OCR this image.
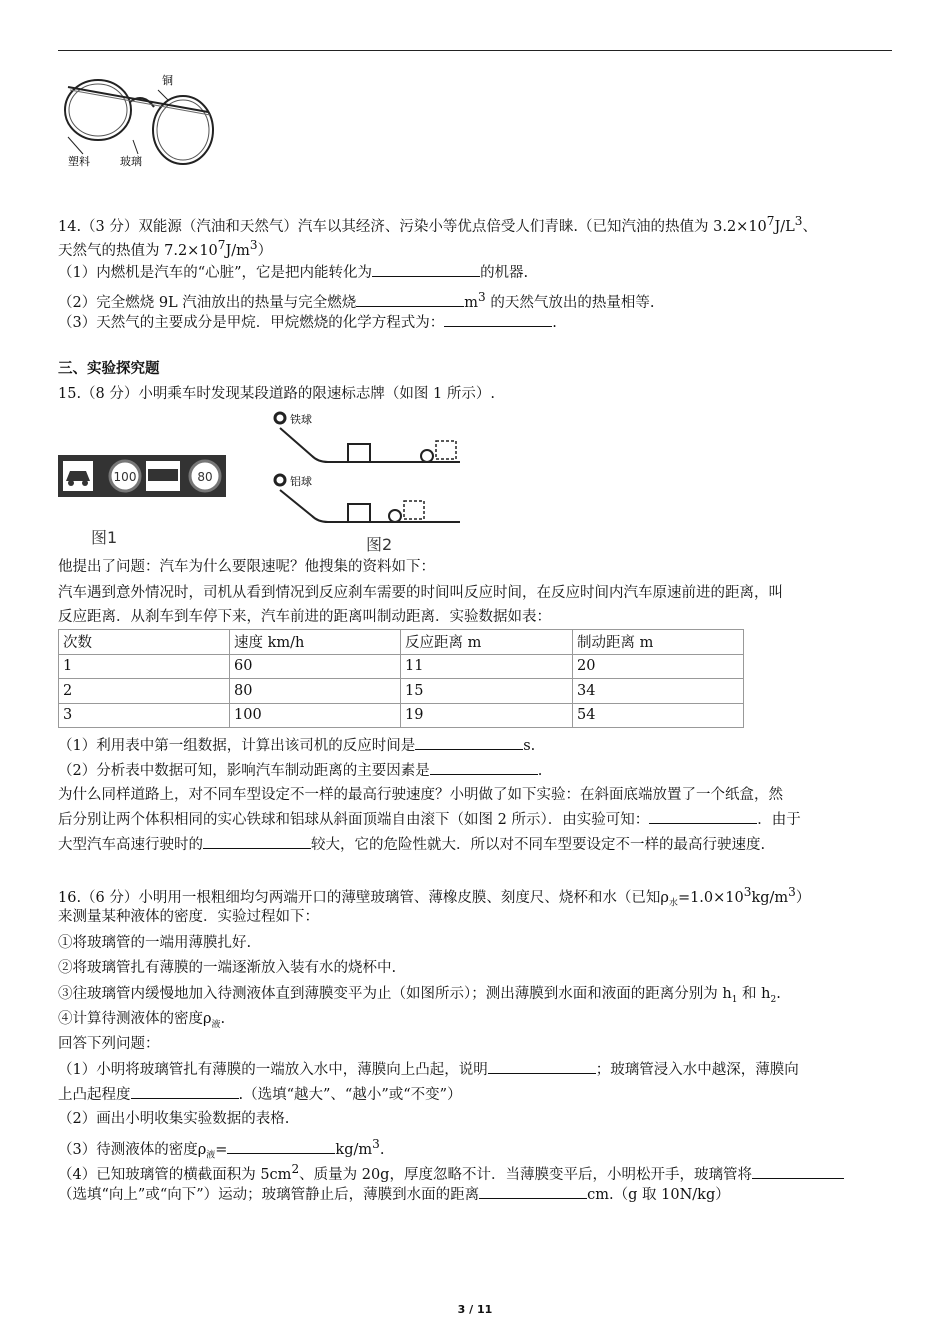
铜
塑料	玻璃
14.（3 分）双能源（汽油和天然气）汽车以其经济、污染小等优点倍受人们青睐.（已知汽油的热值为 $3.2\times 10^7J/L^3$、
天然气的热值为 $7.2\times 10^7J/m^3$）
（1）内燃机是汽车的“心脏”，它是把内能转化为	的机器.
（2）完全燃烧 9L 汽油放出的热量与完全燃烧	$m^3$ 的天然气放出的热量相等.
（3）天然气的主要成分是甲烷．甲烷燃烧的化学方程式为：	.
三、实验探究题
15.（8 分）小明乘车时发现某段道路的限速标志牌（如图 1 所示）.
100	80
图1
铁球
铝球
图2
他提出了问题：汽车为什么要限速呢？他搜集的资料如下：
汽车遇到意外情况时，司机从看到情况到反应刹车需要的时间叫反应时间，在反应时间内汽车原速前进的距离，叫
反应距离．从刹车到车停下来，汽车前进的距离叫制动距离．实验数据如表：
次数	速度 km/h	反应距离 m	制动距离 m
1	60	11	20
2	80	15	34
3	100	19	54
（1）利用表中第一组数据，计算出该司机的反应时间是	s.
（2）分析表中数据可知，影响汽车制动距离的主要因素是	.
为什么同样道路上，对不同车型设定不一样的最高行驶速度？小明做了如下实验：在斜面底端放置了一个纸盒，然
后分别让两个体积相同的实心铁球和铝球从斜面顶端自由滚下（如图 2 所示）．由实验可知：	．由于
大型汽车高速行驶时的	较大，它的危险性就大．所以对不同车型要设定不一样的最高行驶速度.
16.（6 分）小明用一根粗细均匀两端开口的薄壁玻璃管、薄橡皮膜、刻度尺、烧杯和水（已知$\rho_水=1.0\times 10^3kg/m^3$）
来测量某种液体的密度．实验过程如下：
①将玻璃管的一端用薄膜扎好.
②将玻璃管扎有薄膜的一端逐渐放入装有水的烧杯中.
③往玻璃管内缓慢地加入待测液体直到薄膜变平为止（如图所示）；测出薄膜到水面和液面的距离分别为 $h_1$ 和 $h_2$.
④计算待测液体的密度$\rho_液$.
回答下列问题：
（1）小明将玻璃管扎有薄膜的一端放入水中，薄膜向上凸起，说明	；玻璃管浸入水中越深，薄膜向
上凸起程度	.（选填“越大”、“越小”或“不变”）
（2）画出小明收集实验数据的表格.
（3）待测液体的密度$\rho_液=$	$kg/m^3$.
（4）已知玻璃管的横截面积为 $5cm^2$、质量为 20g，厚度忽略不计．当薄膜变平后，小明松开手，玻璃管将
（选填“向上”或“向下”）运动；玻璃管静止后，薄膜到水面的距离	cm.（g 取 10N/kg）
3 / 11
